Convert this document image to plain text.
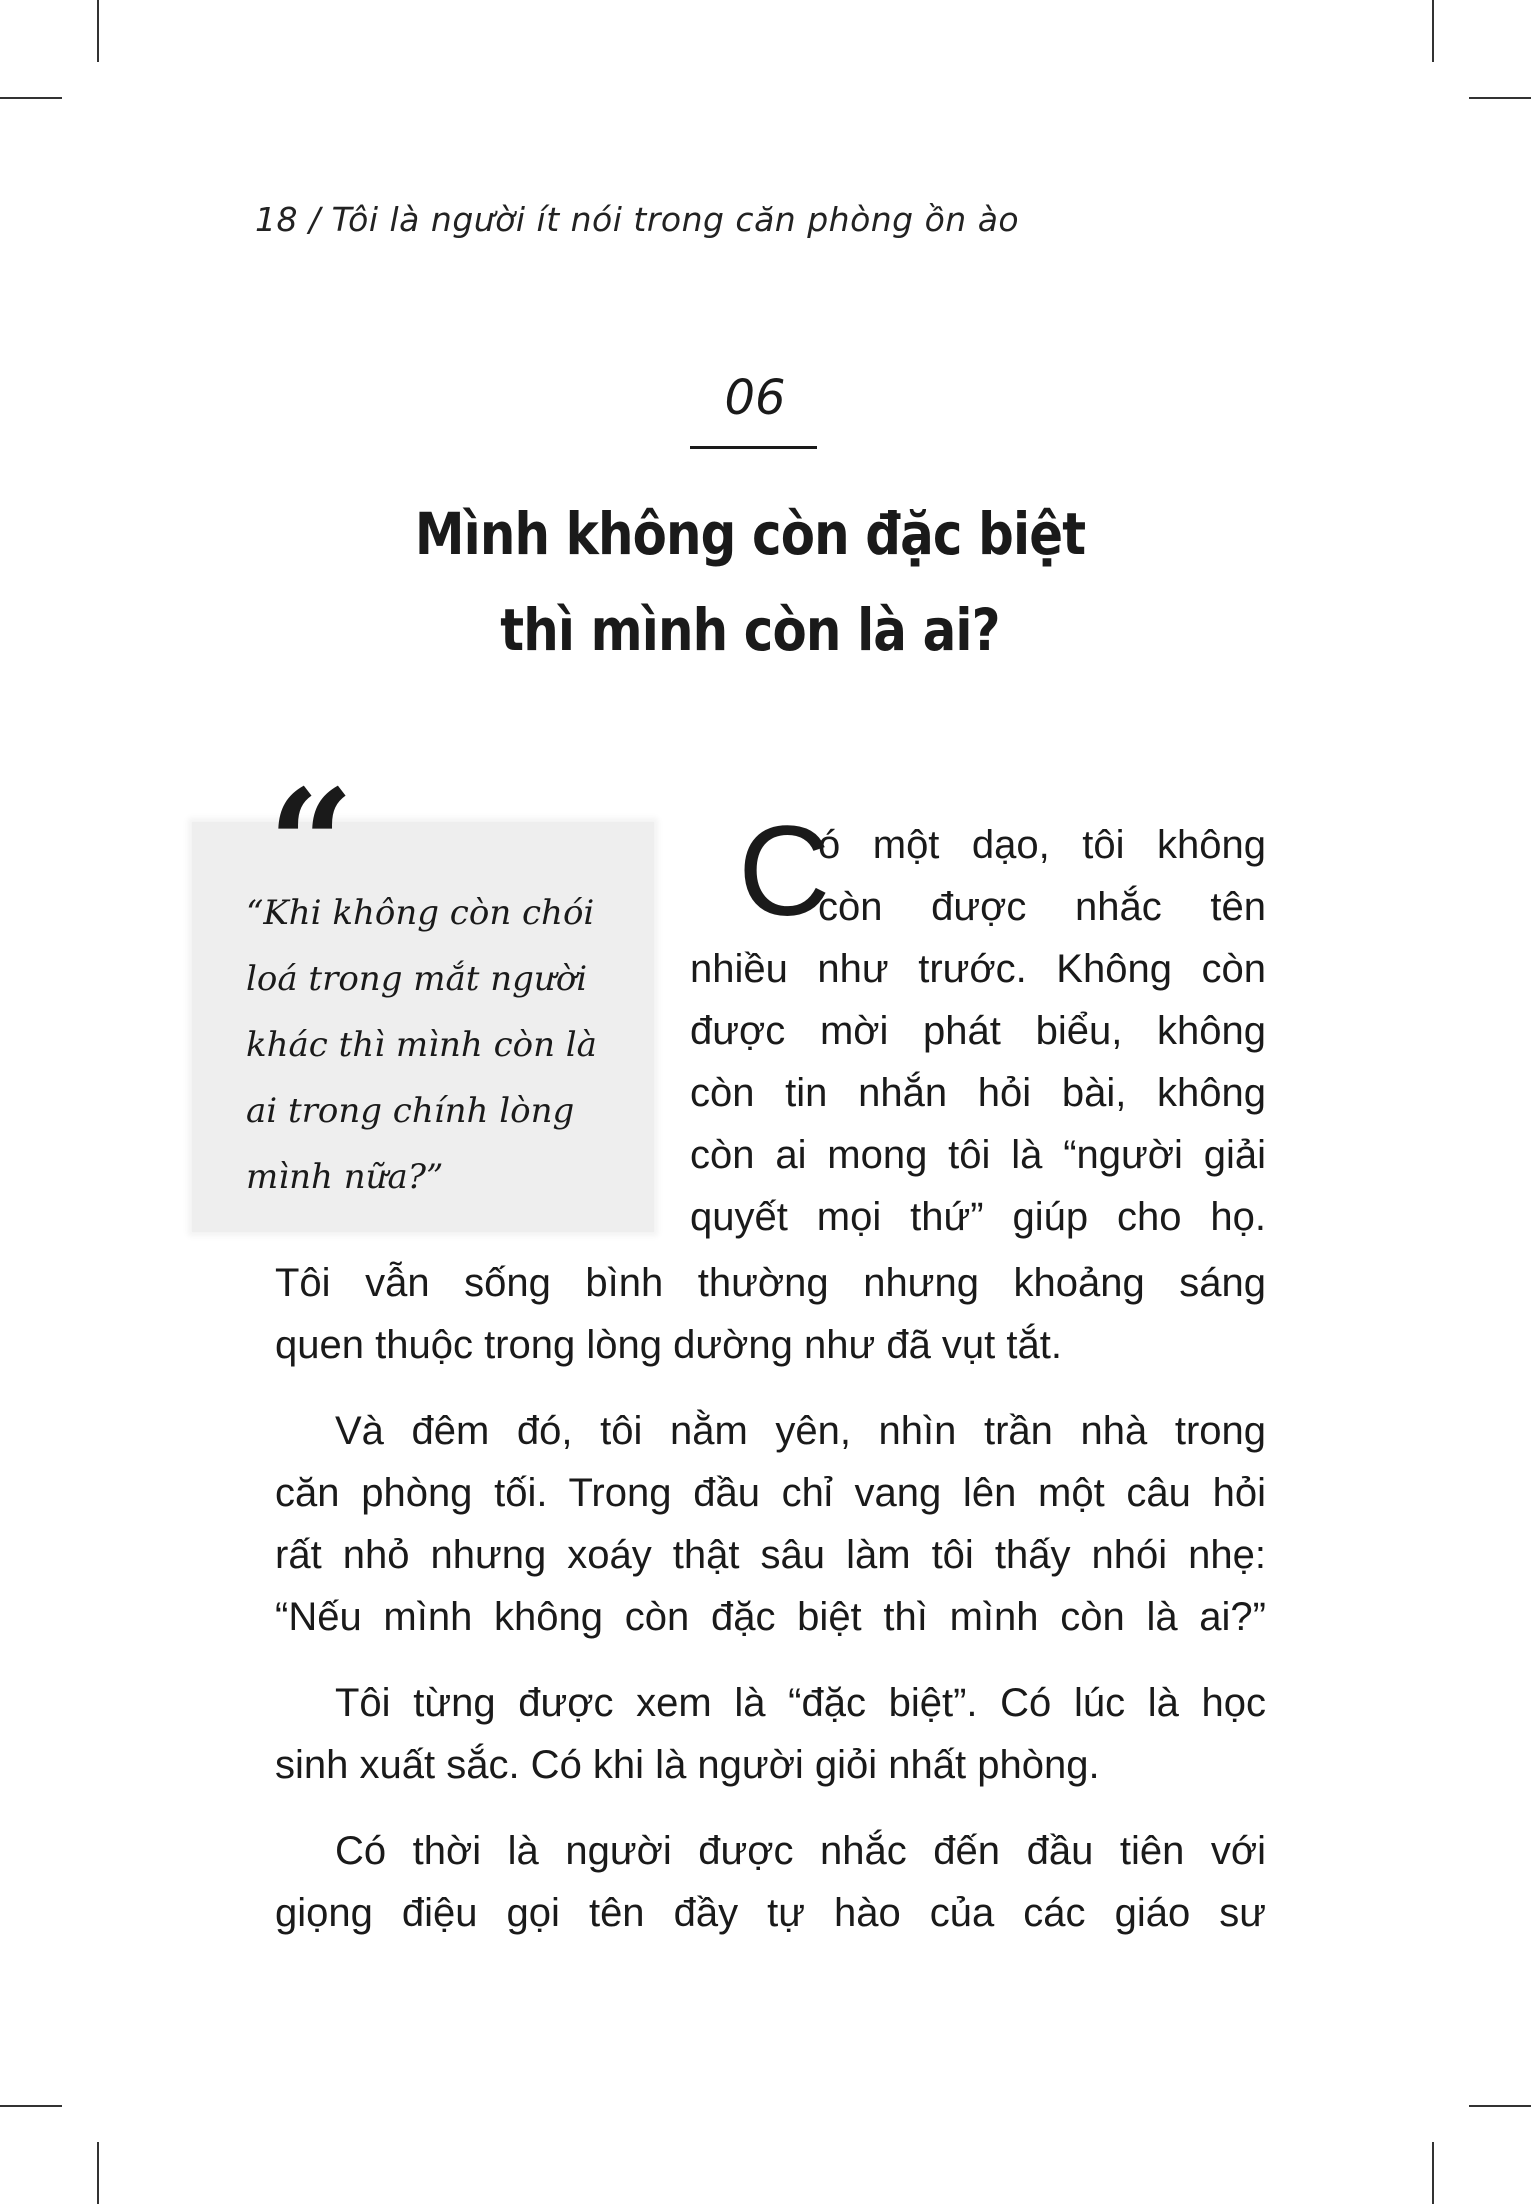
18 / Tôi là người ít nói trong căn phòng ồn ào
06
Mình không còn đặc biệt
thì mình còn là ai?
“
“Khi không còn chói
loá trong mắt người
khác thì mình còn là
ai trong chính lòng
mình nữa?”
C
ó một dạo, tôi không
còn được nhắc tên
nhiều như trước. Không còn
được mời phát biểu, không
còn tin nhắn hỏi bài, không
còn ai mong tôi là “người giải
quyết mọi thứ” giúp cho họ.
Tôi vẫn sống bình thường nhưng khoảng sáng
quen thuộc trong lòng dường như đã vụt tắt.
Và đêm đó, tôi nằm yên, nhìn trần nhà trong
căn phòng tối. Trong đầu chỉ vang lên một câu hỏi
rất nhỏ nhưng xoáy thật sâu làm tôi thấy nhói nhẹ:
“Nếu mình không còn đặc biệt thì mình còn là ai?”
Tôi từng được xem là “đặc biệt”. Có lúc là học
sinh xuất sắc. Có khi là người giỏi nhất phòng.
Có thời là người được nhắc đến đầu tiên với
giọng điệu gọi tên đầy tự hào của các giáo sư
